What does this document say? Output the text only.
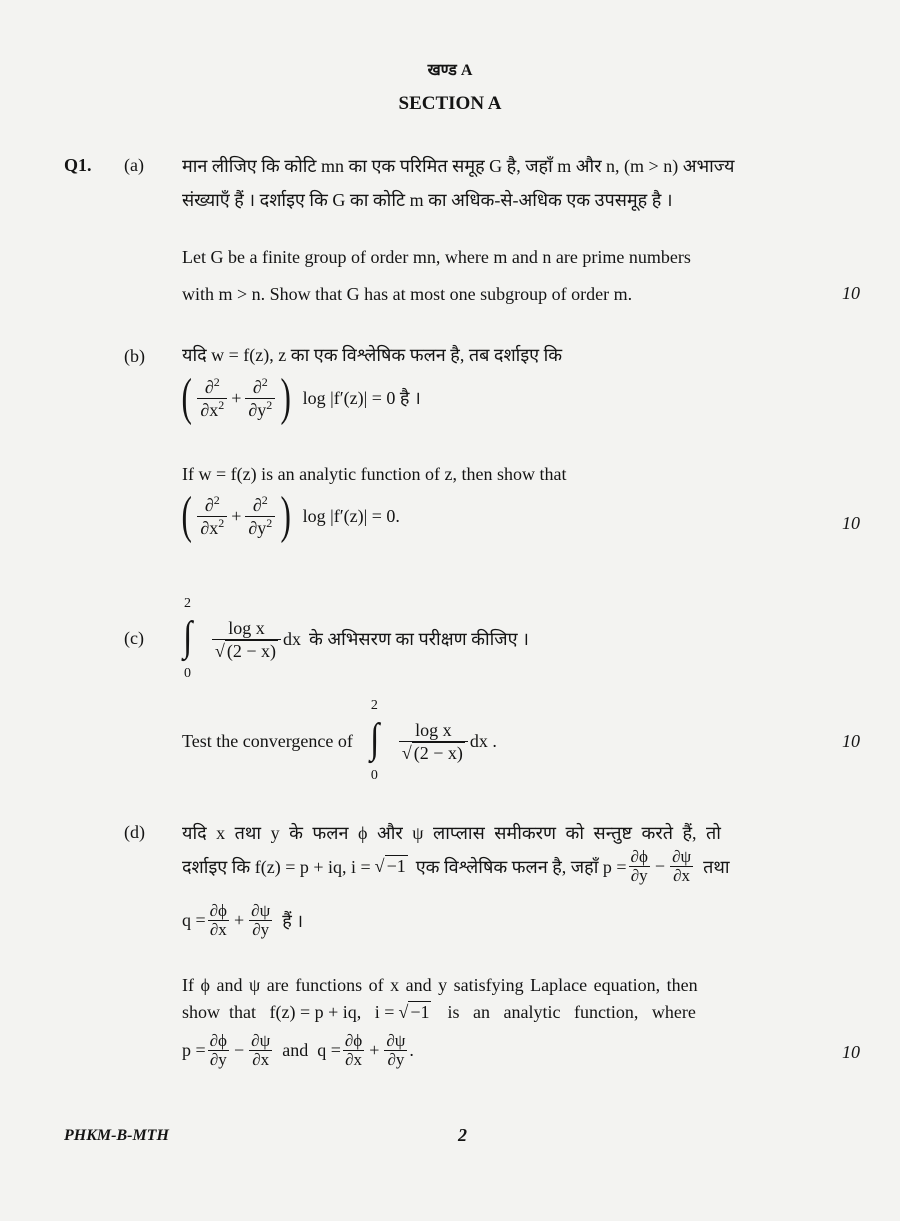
खण्ड A
SECTION A
Q1. (a) मान लीजिए कि कोटि mn का एक परिमित समूह G है, जहाँ m और n, (m > n) अभाज्य
संख्याएँ हैं । दर्शाइए कि G का कोटि m का अधिक-से-अधिक एक उपसमूह है ।
Let G be a finite group of order mn, where m and n are prime numbers
with m > n. Show that G has at most one subgroup of order m.	10
(b) यदि w = f(z), z का एक विश्लेषिक फलन है, तब दर्शाइए कि
( $\frac{\partial^2}{\partial x^2} + \frac{\partial^2}{\partial y^2}$ ) log |f′(z)| = 0 है ।
If w = f(z) is an analytic function of z, then show that
( $\frac{\partial^2}{\partial x^2} + \frac{\partial^2}{\partial y^2}$ ) log |f′(z)| = 0.	10
(c)
2
∫
0
$\frac{\text{log x}}{√ (2 - x)}$ dx के अभिसरण का परीक्षण कीजिए ।
Test the convergence of
2
∫
0
$\frac{\text{log x}}{√ (2 - x)}$ dx .	10
(d) यदि x तथा y के फलन ϕ और ψ लाप्लास समीकरण को सन्तुष्ट करते हैं, तो
दर्शाइए कि f(z) = p + iq, i = √ −1 एक विश्लेषिक फलन है, जहाँ $p = \frac{\partial\phi}{\partial y} - \frac{\partial\psi}{\partial x}$ तथा
$q = \frac{\partial\phi}{\partial x} + \frac{\partial\psi}{\partial y}$ हैं ।
If ϕ and ψ are functions of x and y satisfying Laplace equation, then
show  that   f(z) = p + iq,   i = √ −1 is   an   analytic   function,   where
$p = \frac{\partial\phi}{\partial y} - \frac{\partial\psi}{\partial x}$ and  $q = \frac{\partial\phi}{\partial x} + \frac{\partial\psi}{\partial y}$ .	10
PHKM-B-MTH	2
